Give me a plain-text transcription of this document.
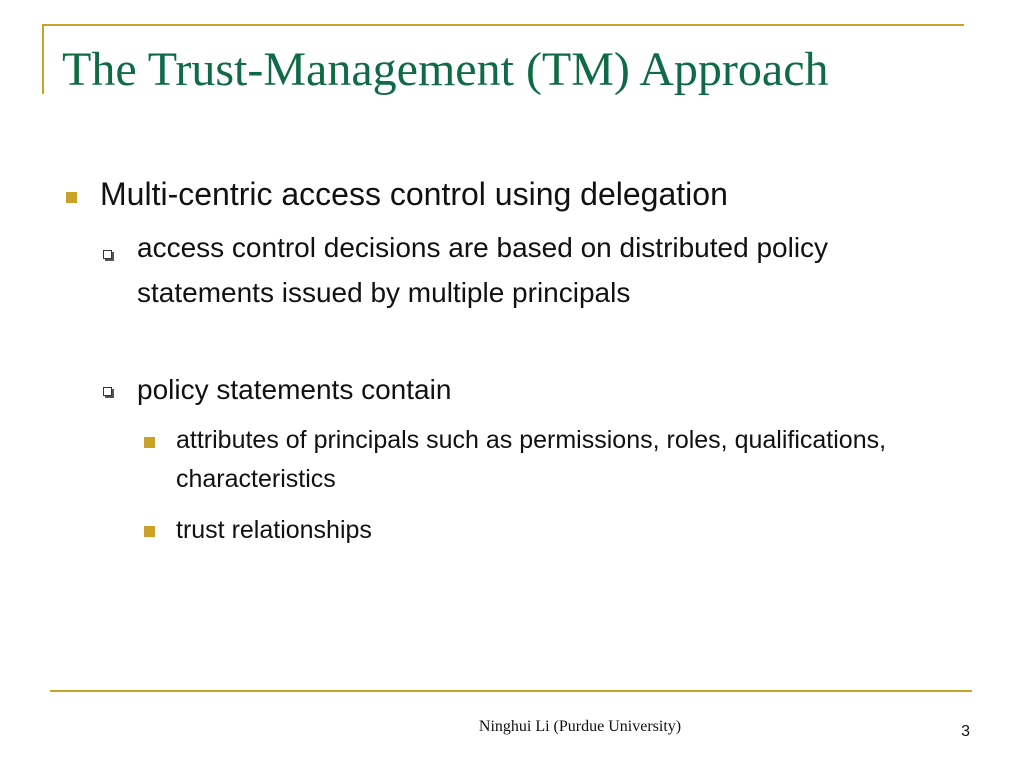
The Trust-Management (TM) Approach
Multi-centric access control using delegation
access control decisions are based on distributed policy statements issued by multiple principals
policy statements contain
attributes of principals such as permissions, roles, qualifications, characteristics
trust relationships
Ninghui Li (Purdue University)	3
